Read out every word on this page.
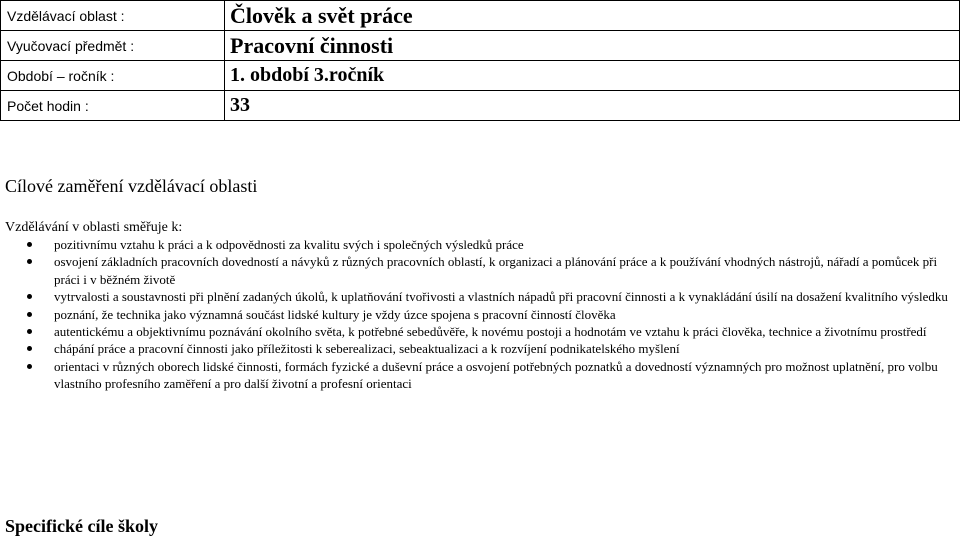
Vzdělávací oblast :	Člověk a svět práce
Vyučovací předmět :	Pracovní činnosti
Období – ročník :	1. období 3.ročník
Počet hodin :	33
Cílové zaměření vzdělávací oblasti
Vzdělávání v oblasti směřuje k:
pozitivnímu vztahu k práci a k odpovědnosti za kvalitu svých i společných výsledků práce
osvojení základních pracovních dovedností a návyků z různých pracovních oblastí, k organizaci a plánování práce a k používání vhodných nástrojů, nářadí a pomůcek při práci i v běžném životě
vytrvalosti a soustavnosti při plnění zadaných úkolů, k uplatňování tvořivosti a vlastních nápadů při pracovní činnosti a k vynakládání úsilí na dosažení kvalitního výsledku
poznání, že technika jako významná součást lidské kultury je vždy úzce spojena s pracovní činností člověka
autentickému a objektivnímu poznávání okolního světa, k potřebné sebedůvěře, k novému postoji a hodnotám ve vztahu k práci člověka, technice a životnímu prostředí
chápání práce a pracovní činnosti jako příležitosti k seberealizaci, sebeaktualizaci a k rozvíjení podnikatelského myšlení
orientaci v různých oborech lidské činnosti, formách fyzické a duševní práce a osvojení potřebných poznatků a dovedností významných pro možnost uplatnění, pro volbu vlastního profesního zaměření a pro další životní a profesní orientaci
Specifické cíle školy
